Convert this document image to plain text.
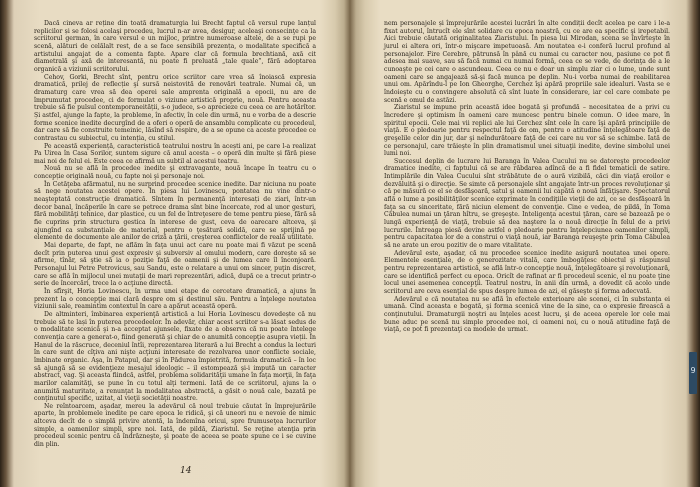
Dacă cineva ar reține din toată dramaturgia lui Brecht faptul că versul rupe lanțul replicilor și se folosi acelaşi procedeu, lucrul n-ar avea, desigur, aceleaşi consecinţe ca la scriitorul german, în care versul e un mijloc, printre numeroase altele, de a se rupi pe scenă, alături de celălalt rest, de a se face sensibilă prezența, o modalitate specifică a artistului angajat de a comenta fapte. Apare clar că formula brechtiană, axă cit diametrală şi axă de interesantă, nu poate fi preluată „tale quale”, fără adoptarea organică a viziunii scriitorului.

Cehov, Gorki, Brecht sînt, pentru orice scriitor care vrea să înoiască expresia dramatică, prilej de reflecție şi sursă neistovită de renovări teatrale. Numai că, un dramaturg care vrea să dea operei sale amprenta originală a epocii, nu are de împrumutat procedee, ci de formulat o viziune artistică proprie, nouă. Pentru aceasta trebuie să fie pulsul contemporaneității, s-o judece, s-o aprecieze cu ceea ce are hotărîtor. Și astfel, ajunge la fapte, la probleme, în afectiv, în cele din urmă, nu e vorba de a descrie forme scenice inedite decurgînd de a oferi o operă de ansamblu complicate cu procedeul, dar care să fie construite temeinic, lăsînd să respire, de a se opune ca aceste procedee ce contrastau cu subiectul, cu intenția, cu stilul.

Pe această experiență, caracteristică teatrului nostru în acești ani, pe care l-a realizat Pa Uirea în Casa Sorilor, suntem sigure că anul acesta – o operă din multe și fără piese mai noi de felul ei. Este ceea ce afirmă un subtil al acestui teatru.

Nouă nu se află în procedee inedite şi extravagante, nouă încape în teatru cu o concepție originală nouă, cu fapte noi şi personaje noi.

În Cetăţeba afărmatul, nu ne surprind procedee scenice inedite. Dar niciuna nu poate să nege noutatea acestei opere. În piesa lui Lovinescu, pontatea nu vine dintr-o neaşteptată construcţie dramatică. Sîntem în permanenţă interesați de ziari, într-un decor banal, încăperile în care se petrece drama sînt bine încercate, rod al unor gesturi, fără mobilităţi tehnice, dar plastice, cu un fel de întreţesere de teme pentru piese, fără să fie cuprins prin structura gestica în interese de gust, ceva de oarecare altceva, şi ajungînd ca substanțiale de material, pentru o ţesătură solidă, care se sprijină pe elemente de documente ale anilor de criză a ţării, creşterea conflictelor de reală utilitate.

Mai departe, de fapt, ne aflăm în faţa unui act care nu poate mai fi văzut pe scenă decît prin puterea unui gest expresiv şi subversiv al omului modern, care dorește să se afirme, tînăr, să ştie să ia o poziţie faţă de oamenii şi de lumea care îl înconjoară. Personajul lui Petre Petrovicus, sau Sandu, este o relatare a unui om sincer, puţin discret, care se află în mijlocul unei mutaţii de mari reprezentări, adică, după ce a trecut printr-o serie de încercări, trece la o acţiune directă.

În sfîrşit, Horia Lovinescu, în urma unei etape de cercetare dramatică, a ajuns în prezent la o concepţie mai clară despre om şi destinul său. Pentru a înţelege noutatea viziunii sale, reamintim contextul în care a apărut această operă.

De altminteri, îmbinarea experienţă artistică a lui Horia Lovinescu dovedește că nu trebuie să te lași în puterea procedeelor. În adevăr, chiar acest scriitor s-a lăsat sedus de o modalitate scenică şi n-a acceptat ajunsele, fixate de a observa că nu poate întelege convenţia care a generat-o, fiind generată şi chiar de o anumită concepţie asupra vieții. În Hanul de la răscruce, deceniul întîi, reprezentarea literară a lui Brecht a condus la lecturi în care sunt de cîţiva ani nişte acţiuni interesate de rezolvarea unor conflicte sociale, îmbinate organic. Aşa, în Patapul, dar şi în Pădurea împietrită, formula dramatică – în loc să ajungă să se evidenţieze mesajul ideologic – il estompează şi-i impută un caracter abstract, vag. Şi aceasta fiindcă, astfel, problema solidarităţii umane în faţa morţii, în faţa marilor calamităţi, se pune în cu totul alţi termeni. Iată de ce scriitorul, ajuns la o anumită maturitate, a renunţat la modalitatea abstractă, a găsit o nouă cale, bazată pe conţinutul specific, uzitat, al vieţii societăţii noastre.

Ne reîntoarcem, aşadar, mereu la adevărul că noul trebuie căutat în împrejurările aparte, în problemele inedite pe care epoca le ridică, şi că uneori nu e nevoie de nimic altceva decît de o simplă privire atentă, la îndemîna oricui, spre frumuseţea lucrurilor simple, a oamenilor simpli, spre noi. Iată, de pildă, Ziaristul. Se reţine atenţia prin procedeul scenic pentru că îndrăzneşte, şi poate de aceea se poate spune ce i se cuvine din plin.

14

nem personajele și împrejurările acestei lucrări în alte condiții decît acelea pe care i le-a fixat autorul, întrucît ele sînt solidare cu epoca noastră, cu ce are ea specific şi irepetabil. Aici trebuie căutată originalitatea Ziaristului. În piesa lui Mirodan, scena se învîrteşte în jurul ei altera ori, într-o mişcare impetuoasă. Am noutatea e-i conferă lucrul profund al personajelor. Fire Cerebre, pătrunsă în până cu numai cu caracter nou, pasiune ce pot fi adesea mai suave, sau să facă numai cu numai formă, ceea ce se vede, de dorinţa de a le cunoaşte pe cei care o ascundeau. Ceea ce nu e doar un simplu ziar ci o lume, unde sunt oameni care se angajează să-şi facă munca pe deplin. Nu-i vorba numai de reabilitarea unui om. Apărîndu-l pe Ion Gheorghe, Cerchez îşi apără propriile sale idealuri. Vasta se e îndoieşte cu o convingere absolută că sînt luate în considerare, iar cel care combate pe scenă e omul de astăzi.

Ziaristul se impune prin această idee bogată şi profundă – necesitatea de a privi cu încredere şi optimism în oameni care muncesc pentru binele comun. O idee mare, în spiritul epocii. Cele mai vii replici ale lui Cerchez sînt cele în care îşi apără principiile de viaţă. E o pledoarie pentru respectul faţă de om, pentru o atitudine înţelegătoare faţă de greşelile celor din jur, dar şi neîndurătoare faţă de cei care nu vor să se schimbe. Iată de ce personajul, care trăieşte în plin dramatismul unei situaţii inedite, devine simbolul unei lumi noi.

Succesul deplin de lucrare lui Baranga în Valea Cucului nu se datoreşte procedeelor dramatice inedite, ci faptului că se are răbdarea adîncă de a fi fidel tematicii de satire. Intimplările din Valea Cucului sînt străbătute de o aură vizibilă, căci din viaţă eroilor e dezvăluită şi o direcţie. Se simte că personajele sînt angajate într-un proces revoluţionar şi că pe măsură ce el se desfăşoară, satul şi oamenii lui capătă o nouă înfăţişare. Spectatorul află o lume a posibilităţilor scenice exprimate în condiţiile vieţii de azi, ce se desfăşoară în faţa sa cu sinceritate, fără niciun element de convenţie. Cine e vedea, de pildă, în Toma Căbulea numai un ţăran hîtru, se greşeşte. Inteligenţa acestui ţăran, care se bazează pe o lungă experienţă de viaţă, trebuie să dea naştere la o nouă direcţie în felul de a privi lucrurile. Întreaga piesă devine astfel o pledoarie pentru înţelepciunea oamenilor simpli, pentru capacitatea lor de a construi o viaţă nouă, iar Baranga reuşeşte prin Toma Căbulea să ne arate un erou pozitiv de o mare vitalitate.

Adevărul este, aşadar, că nu procedee scenice inedite asigură noutatea unei opere. Elementele esenţiale, de o generozitate vitală, care îmbogăţesc obiectul şi râspunsul pentru reprezentarea artistică, se află într-o concepţie nouă, înţelegătoare şi revoluţionară, care se identifică perfect cu epoca. Oricît de rafinat ar fi procedeul scenic, el nu poate ţine locul unei asemenea concepţii. Teatrul nostru, în anii din urmă, a dovedit că acolo unde scriitorul are ceva esenţial de spus despre lumea de azi, el găseşte şi forma adecvată.

Adevărul e că noutatea nu se află în efectele exterioare ale scenei, ci în substanța ei umană. Cînd aceasta e bogată, şi forma scenică vine de la sine, ca o expresie firească a conţinutului. Dramaturgii noştri au înţeles acest lucru, şi de aceea operele lor cele mai bune aduc pe scenă nu simple procedee noi, ci oameni noi, cu o nouă atitudine faţă de viaţă, ce pot fi prezentaţi ca modele de urmat.

9
